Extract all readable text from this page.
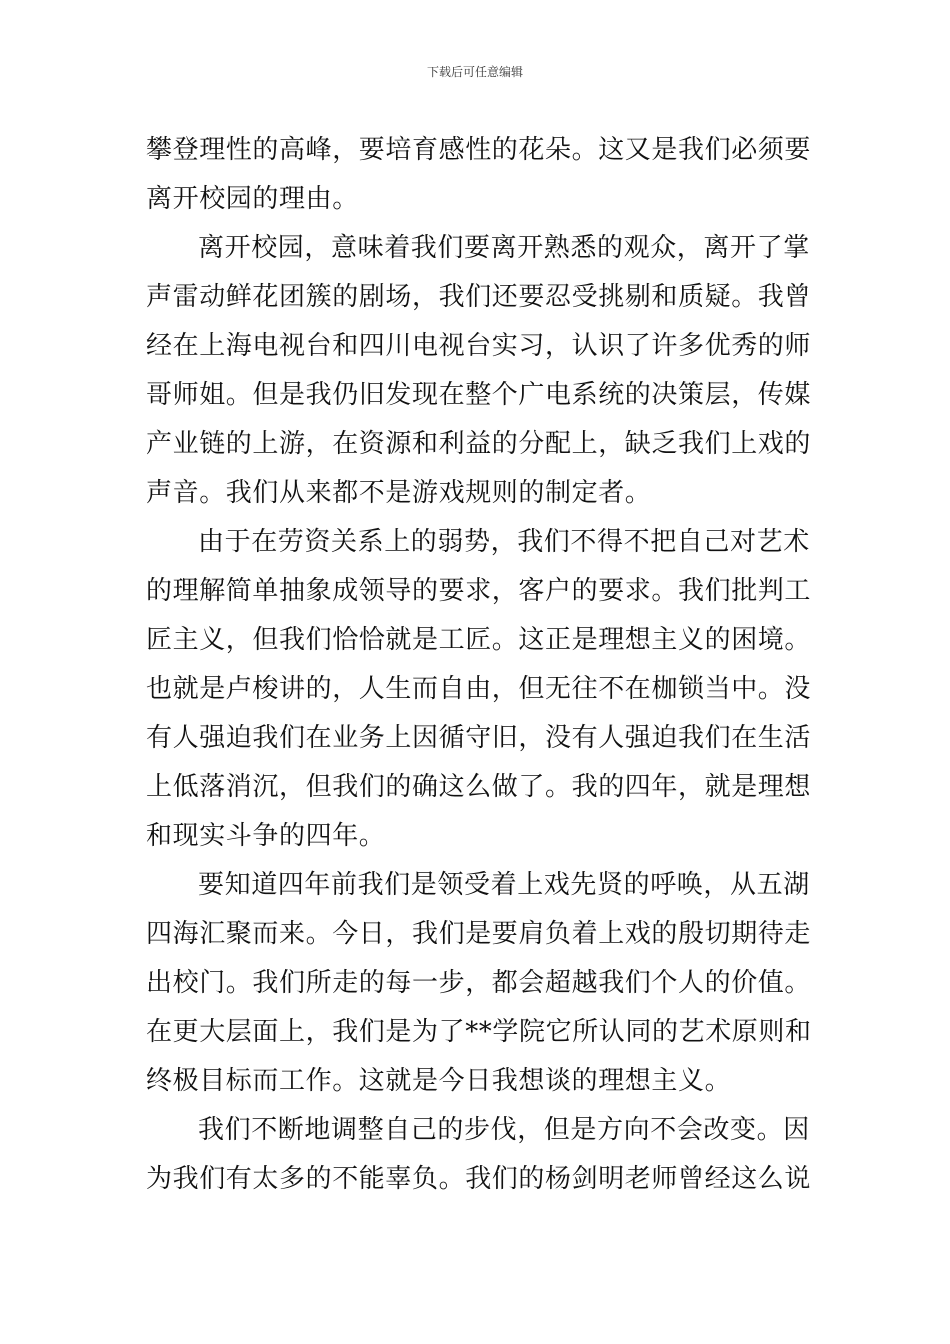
下载后可任意编辑
攀登理性的高峰，要培育感性的花朵。这又是我们必须要
离开校园的理由。
离开校园，意味着我们要离开熟悉的观众，离开了掌
声雷动鲜花团簇的剧场，我们还要忍受挑剔和质疑。我曾
经在上海电视台和四川电视台实习，认识了许多优秀的师
哥师姐。但是我仍旧发现在整个广电系统的决策层，传媒
产业链的上游，在资源和利益的分配上，缺乏我们上戏的
声音。我们从来都不是游戏规则的制定者。
由于在劳资关系上的弱势，我们不得不把自己对艺术
的理解简单抽象成领导的要求，客户的要求。我们批判工
匠主义，但我们恰恰就是工匠。这正是理想主义的困境。
也就是卢梭讲的，人生而自由，但无往不在枷锁当中。没
有人强迫我们在业务上因循守旧，没有人强迫我们在生活
上低落消沉，但我们的确这么做了。我的四年，就是理想
和现实斗争的四年。
要知道四年前我们是领受着上戏先贤的呼唤，从五湖
四海汇聚而来。今日，我们是要肩负着上戏的殷切期待走
出校门。我们所走的每一步，都会超越我们个人的价值。
在更大层面上，我们是为了**学院它所认同的艺术原则和
终极目标而工作。这就是今日我想谈的理想主义。
我们不断地调整自己的步伐，但是方向不会改变。因
为我们有太多的不能辜负。我们的杨剑明老师曾经这么说
